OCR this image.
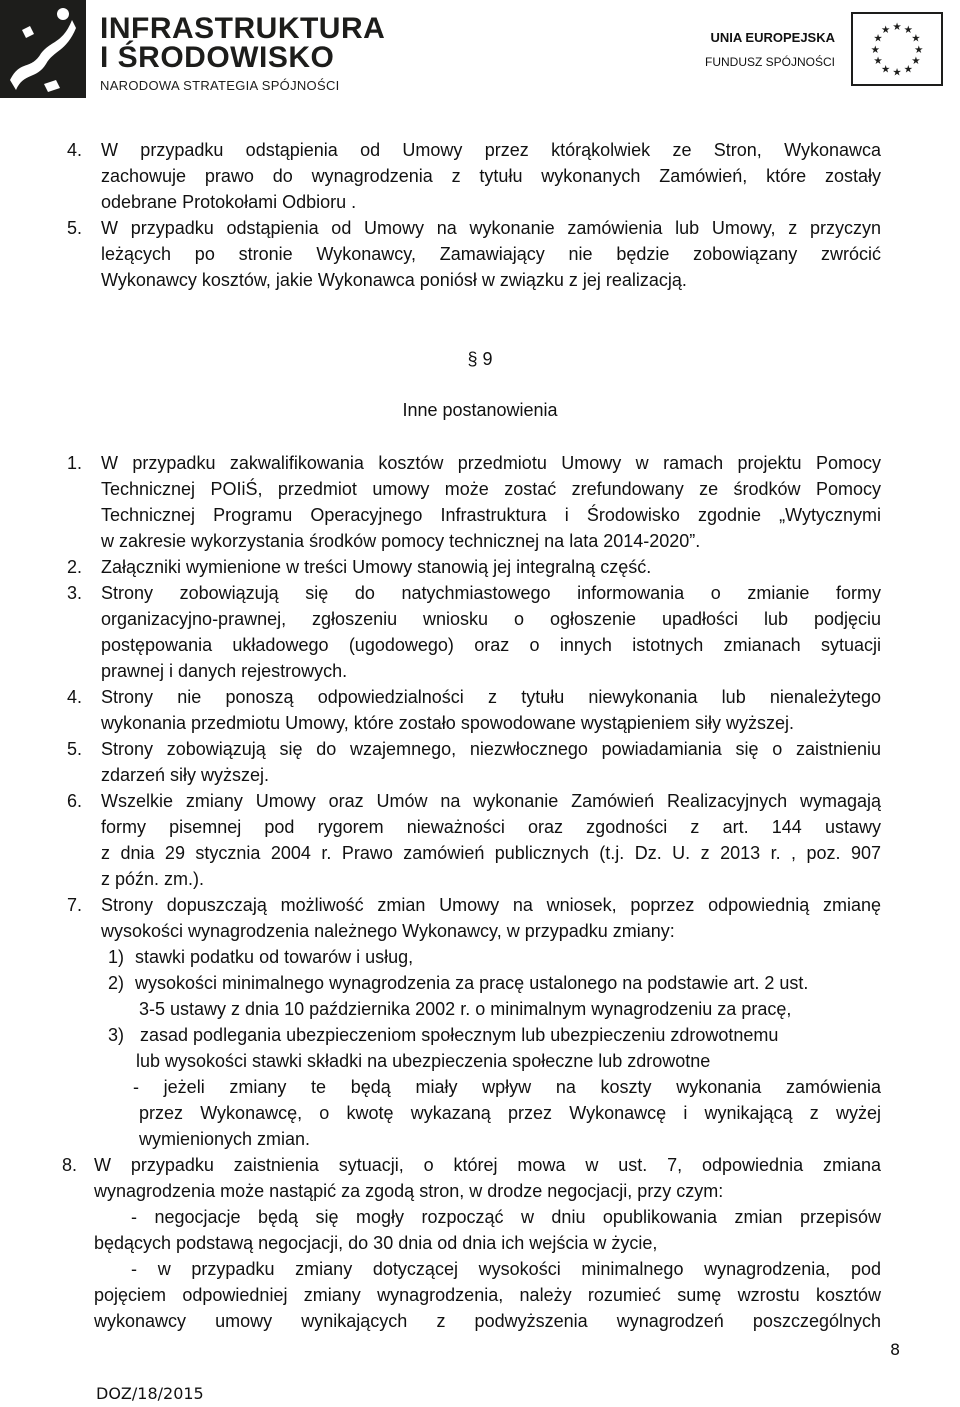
INFRASTRUKTURA
I ŚRODOWISKO
NARODOWA STRATEGIA SPÓJNOŚCI
UNIA EUROPEJSKA
FUNDUSZ SPÓJNOŚCI
★ ★
★
★
★
★
★
★
★
★
★
★
4. W przypadku odstąpienia od Umowy przez którąkolwiek ze Stron, Wykonawca
zachowuje prawo do wynagrodzenia z tytułu wykonanych Zamówień, które zostały
odebrane Protokołami Odbioru .
5. W przypadku odstąpienia od Umowy na wykonanie zamówienia lub Umowy, z przyczyn
leżących po stronie Wykonawcy, Zamawiający nie będzie zobowiązany zwrócić
Wykonawcy kosztów, jakie Wykonawca poniósł w związku z jej realizacją.
§ 9
Inne postanowienia
1. W przypadku zakwalifikowania kosztów przedmiotu Umowy w ramach projektu Pomocy
Technicznej POIiŚ, przedmiot umowy może zostać zrefundowany ze środków Pomocy
Technicznej Programu Operacyjnego Infrastruktura i Środowisko zgodnie „Wytycznymi
w zakresie wykorzystania środków pomocy technicznej na lata 2014-2020”.
2. Załączniki wymienione w treści Umowy stanowią jej integralną część.
3. Strony zobowiązują się do natychmiastowego informowania o zmianie formy
organizacyjno-prawnej, zgłoszeniu wniosku o ogłoszenie upadłości lub podjęciu
postępowania układowego (ugodowego) oraz o innych istotnych zmianach sytuacji
prawnej i danych rejestrowych.
4. Strony nie ponoszą odpowiedzialności z tytułu niewykonania lub nienależytego
wykonania przedmiotu Umowy, które zostało spowodowane wystąpieniem siły wyższej.
5. Strony zobowiązują się do wzajemnego, niezwłocznego powiadamiania się o zaistnieniu
zdarzeń siły wyższej.
6. Wszelkie zmiany Umowy oraz Umów na wykonanie Zamówień Realizacyjnych wymagają
formy pisemnej pod rygorem nieważności oraz zgodności z art. 144 ustawy
z dnia 29 stycznia 2004 r. Prawo zamówień publicznych (t.j. Dz. U. z 2013 r. , poz. 907
z późn. zm.).
7. Strony dopuszczają możliwość zmian Umowy na wniosek, poprzez odpowiednią zmianę
wysokości wynagrodzenia należnego Wykonawcy, w przypadku zmiany:
1) stawki podatku od towarów i usług,
2) wysokości minimalnego wynagrodzenia za pracę ustalonego na podstawie art. 2 ust.
3-5 ustawy z dnia 10 października 2002 r. o minimalnym wynagrodzeniu za pracę,
3) zasad podlegania ubezpieczeniom społecznym lub ubezpieczeniu zdrowotnemu
lub wysokości stawki składki na ubezpieczenia społeczne lub zdrowotne
- jeżeli zmiany te będą miały wpływ na koszty wykonania zamówienia
przez Wykonawcę, o kwotę wykazaną przez Wykonawcę i wynikającą z wyżej
wymienionych zmian.
8. W przypadku zaistnienia sytuacji, o której mowa w ust. 7, odpowiednia zmiana
wynagrodzenia może nastąpić za zgodą stron, w drodze negocjacji, przy czym:
- negocjacje będą się mogły rozpocząć w dniu opublikowania zmian przepisów
będących podstawą negocjacji, do 30 dnia od dnia ich wejścia w życie,
- w przypadku zmiany dotyczącej wysokości minimalnego wynagrodzenia, pod
pojęciem odpowiedniej zmiany wynagrodzenia, należy rozumieć sumę wzrostu kosztów
wykonawcy umowy wynikających z podwyższenia wynagrodzeń poszczególnych
8
DOZ/18/2015
